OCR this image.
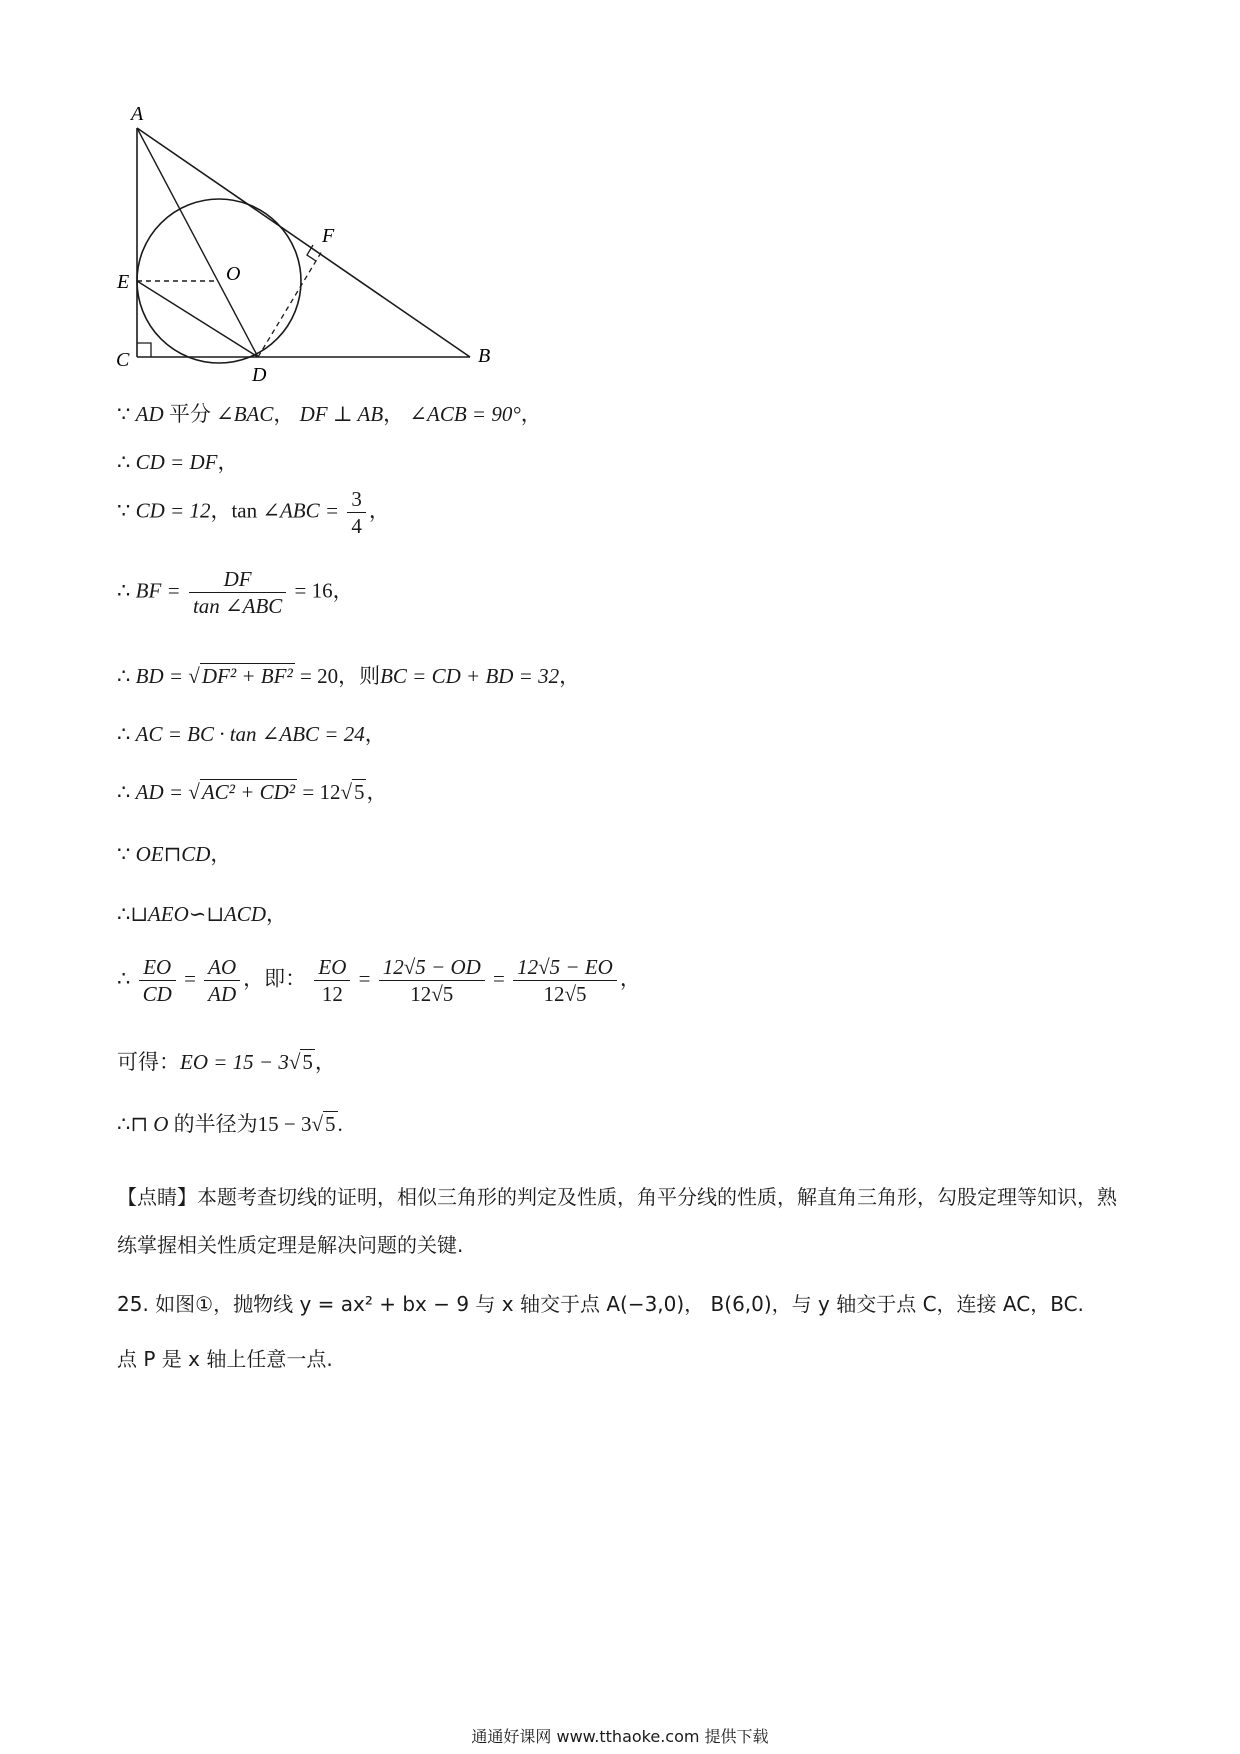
A
B
C
D
E
F
O
∵ AD 平分 ∠BAC， DF ⊥ AB， ∠ACB = 90°，
∴ CD = DF，
∵ CD = 12，tan ∠ABC = $\frac{3}{4}$ ，
∴ BF = $\frac{DF}{\text{tan ∠ABC}} = 16$，
∴ BD = √DF² + BF² = 20，则BC = CD + BD = 32，
∴ AC = BC · tan ∠ABC = 24，
∴ AD = √AC² + CD² = 12√5，
∵ OE⊓CD，
∴⊔AEO∽⊔ACD，
∴ $\frac{EO}{CD} = \frac{AO}{AD}$ ，即： $\frac{EO}{12} = \frac{12√5 - OD}{12√5} = \frac{12√5 - EO}{12√5}$ ，
可得：EO = 15 − 3√5，
∴⊓ O 的半径为15 − 3√5.
【点睛】本题考查切线的证明，相似三角形的判定及性质，角平分线的性质，解直角三角形，勾股定理等知识，熟练掌握相关性质定理是解决问题的关键.
25. 如图①，抛物线 y = ax² + bx − 9 与 x 轴交于点 A(−3,0)， B(6,0)，与 y 轴交于点 C，连接 AC，BC.
点 P 是 x 轴上任意一点.
通通好课网 www.tthaoke.com 提供下载
